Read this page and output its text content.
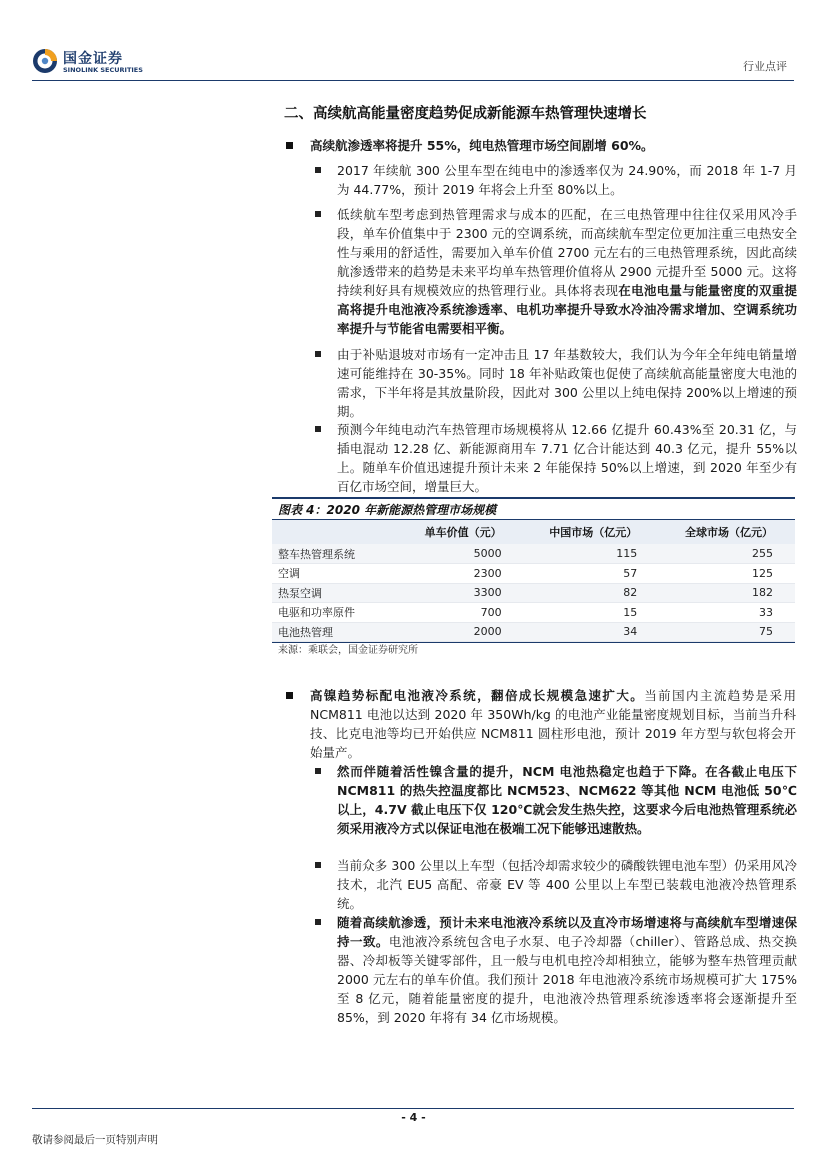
国金证券
SINOLINK SECURITIES	行业点评
二、高续航高能量密度趋势促成新能源车热管理快速增长
高续航渗透率将提升 55%，纯电热管理市场空间剧增 60%。
2017 年续航 300 公里车型在纯电中的渗透率仅为 24.90%，而 2018 年 1-7 月为 44.77%，预计 2019 年将会上升至 80%以上。
低续航车型考虑到热管理需求与成本的匹配，在三电热管理中往往仅采用风冷手段，单车价值集中于 2300 元的空调系统，而高续航车型定位更加注重三电热安全性与乘用的舒适性，需要加入单车价值 2700 元左右的三电热管理系统，因此高续航渗透带来的趋势是未来平均单车热管理价值将从 2900 元提升至 5000 元。这将持续利好具有规模效应的热管理行业。具体将表现在电池电量与能量密度的双重提高将提升电池液冷系统渗透率、电机功率提升导致水冷油冷需求增加、空调系统功率提升与节能省电需要相平衡。
由于补贴退坡对市场有一定冲击且 17 年基数较大，我们认为今年全年纯电销量增速可能维持在 30-35%。同时 18 年补贴政策也促使了高续航高能量密度大电池的需求，下半年将是其放量阶段，因此对 300 公里以上纯电保持 200%以上增速的预期。
预测今年纯电动汽车热管理市场规模将从 12.66 亿提升 60.43%至 20.31 亿，与插电混动 12.28 亿、新能源商用车 7.71 亿合计能达到 40.3 亿元，提升 55%以上。随单车价值迅速提升预计未来 2 年能保持 50%以上增速，到 2020 年至少有百亿市场空间，增量巨大。
图表 4：2020 年新能源热管理市场规模
	单车价值（元）	中国市场（亿元）	全球市场（亿元）
整车热管理系统	5000	115	255
空调	2300	57	125
热泵空调	3300	82	182
电驱和功率原件	700	15	33
电池热管理	2000	34	75
来源：乘联会，国金证券研究所
高镍趋势标配电池液冷系统，翻倍成长规模急速扩大。当前国内主流趋势是采用 NCM811 电池以达到 2020 年 350Wh/kg 的电池产业能量密度规划目标，当前当升科技、比克电池等均已开始供应 NCM811 圆柱形电池，预计 2019 年方型与软包将会开始量产。
然而伴随着活性镍含量的提升，NCM 电池热稳定也趋于下降。在各截止电压下 NCM811 的热失控温度都比 NCM523、NCM622 等其他 NCM 电池低 50℃以上，4.7V 截止电压下仅 120℃就会发生热失控，这要求今后电池热管理系统必须采用液冷方式以保证电池在极端工况下能够迅速散热。
当前众多 300 公里以上车型（包括冷却需求较少的磷酸铁锂电池车型）仍采用风冷技术，北汽 EU5 高配、帝豪 EV 等 400 公里以上车型已装载电池液冷热管理系统。
随着高续航渗透，预计未来电池液冷系统以及直冷市场增速将与高续航车型增速保持一致。电池液冷系统包含电子水泵、电子冷却器（chiller）、管路总成、热交换器、冷却板等关键零部件，且一般与电机电控冷却相独立，能够为整车热管理贡献 2000 元左右的单车价值。我们预计 2018 年电池液冷系统市场规模可扩大 175%至 8 亿元，随着能量密度的提升，电池液冷热管理系统渗透率将会逐渐提升至 85%，到 2020 年将有 34 亿市场规模。
- 4 -
敬请参阅最后一页特别声明
